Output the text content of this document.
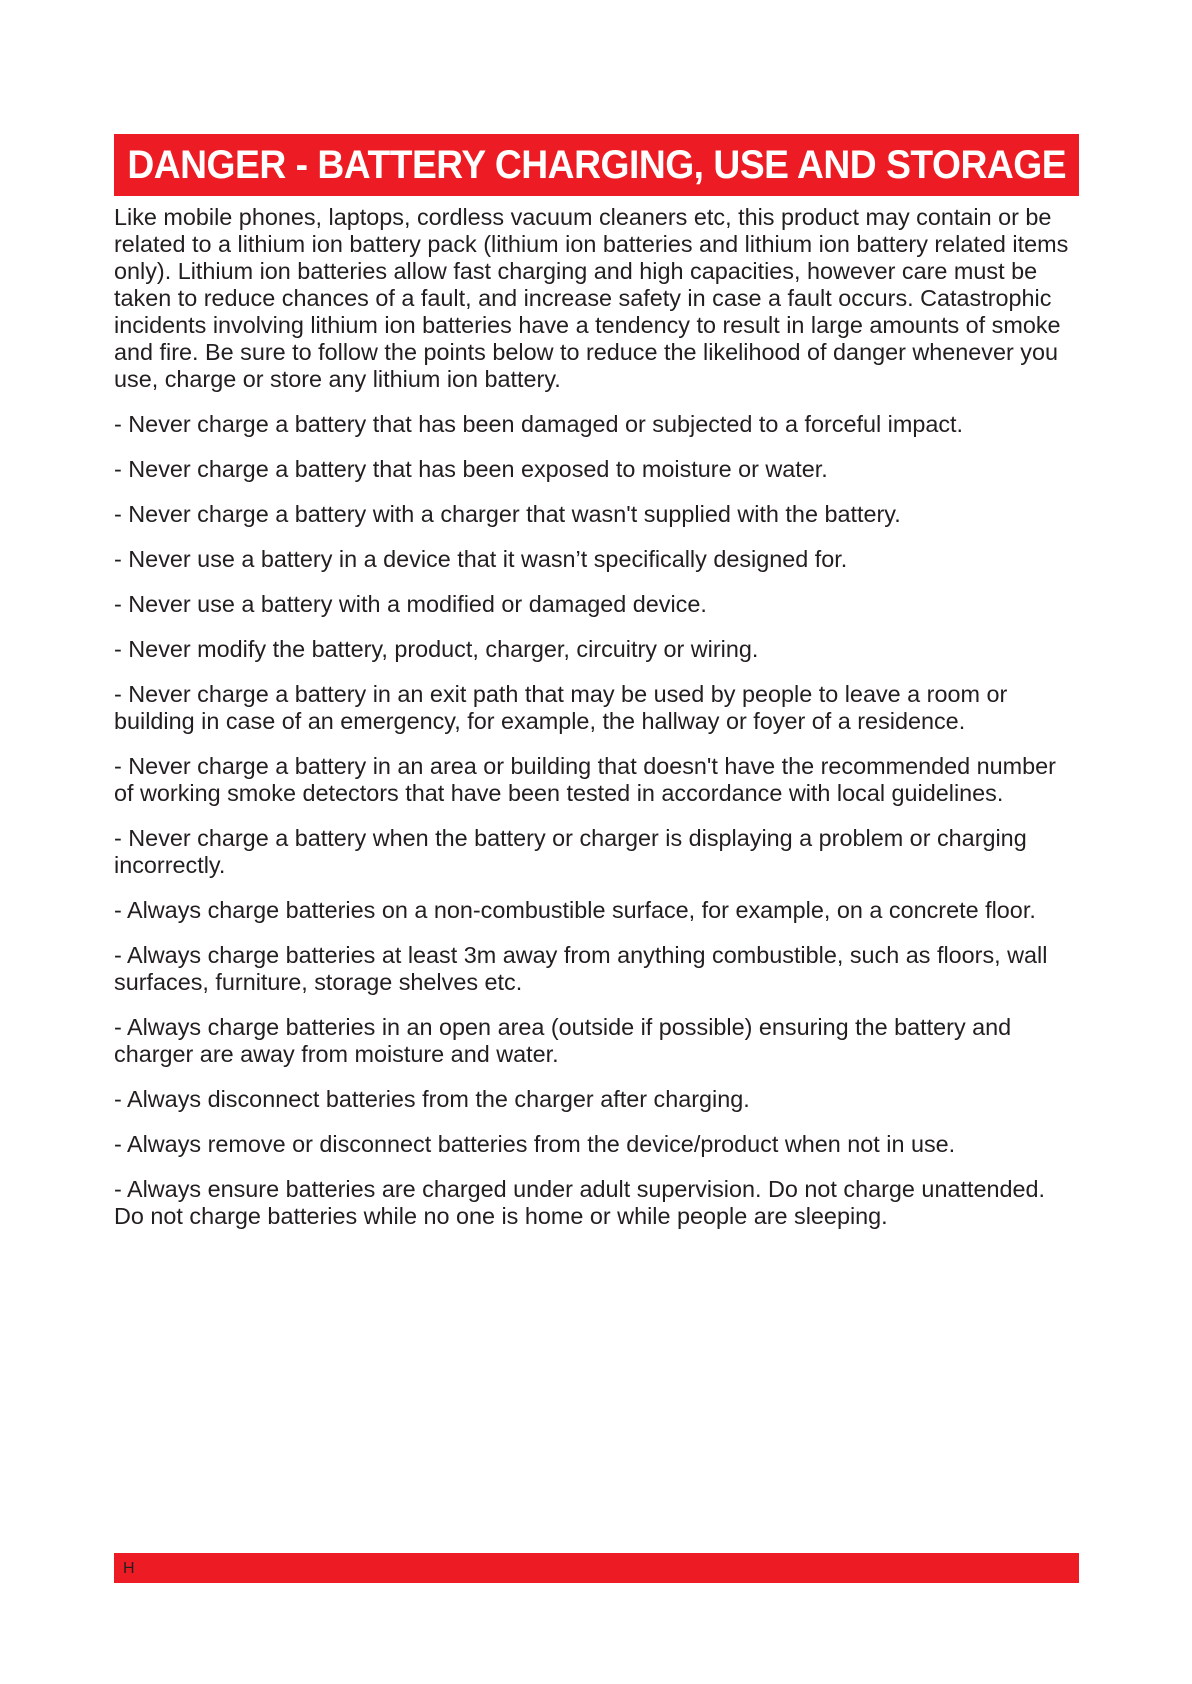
DANGER - BATTERY CHARGING, USE AND STORAGE

Like mobile phones, laptops, cordless vacuum cleaners etc, this product may contain or be related to a lithium ion battery pack (lithium ion batteries and lithium ion battery related items only). Lithium ion batteries allow fast charging and high capacities, however care must be taken to reduce chances of a fault, and increase safety in case a fault occurs. Catastrophic incidents involving lithium ion batteries have a tendency to result in large amounts of smoke and fire. Be sure to follow the points below to reduce the likelihood of danger whenever you use, charge or store any lithium ion battery.

- Never charge a battery that has been damaged or subjected to a forceful impact.

- Never charge a battery that has been exposed to moisture or water.

- Never charge a battery with a charger that wasn't supplied with the battery.

- Never use a battery in a device that it wasn’t specifically designed for.

- Never use a battery with a modified or damaged device.

- Never modify the battery, product, charger, circuitry or wiring.

- Never charge a battery in an exit path that may be used by people to leave a room or building in case of an emergency, for example, the hallway or foyer of a residence.

- Never charge a battery in an area or building that doesn't have the recommended number of working smoke detectors that have been tested in accordance with local guidelines.

- Never charge a battery when the battery or charger is displaying a problem or charging incorrectly.

- Always charge batteries on a non-combustible surface, for example, on a concrete floor.

- Always charge batteries at least 3m away from anything combustible, such as floors, wall surfaces, furniture, storage shelves etc.

- Always charge batteries in an open area (outside if possible) ensuring the battery and charger are away from moisture and water.

- Always disconnect batteries from the charger after charging.

- Always remove or disconnect batteries from the device/product when not in use.

- Always ensure batteries are charged under adult supervision. Do not charge unattended. Do not charge batteries while no one is home or while people are sleeping.

H
